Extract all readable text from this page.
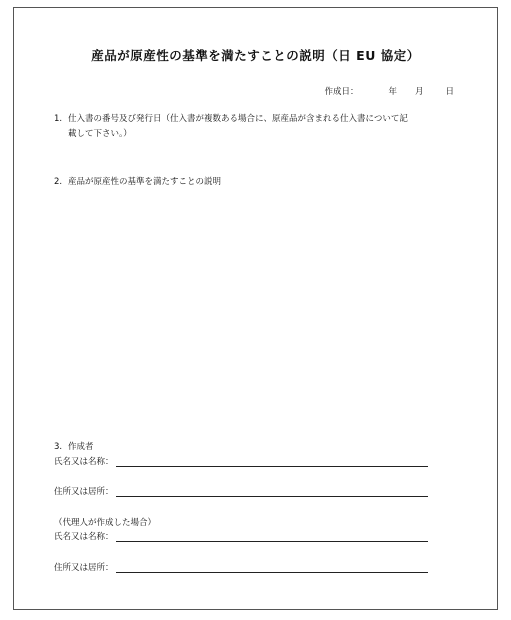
産品が原産性の基準を満たすことの説明（日 EU 協定）
作成日：	年 月	日
1. 仕入書の番号及び発行日（仕入書が複数ある場合に、原産品が含まれる仕入書について記
載して下さい。）
2. 産品が原産性の基準を満たすことの説明
3. 作成者
氏名又は名称：
住所又は居所：
（代理人が作成した場合）
氏名又は名称：
住所又は居所：
